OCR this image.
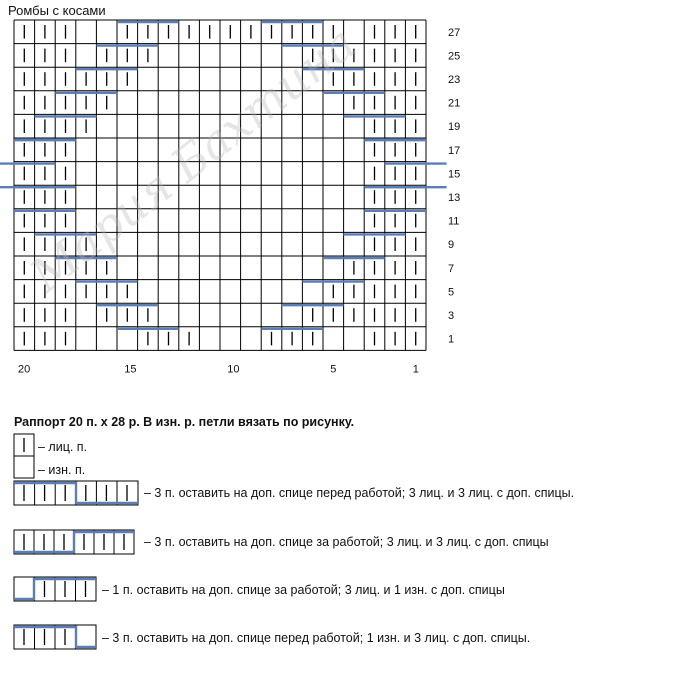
Ромбы с косами
27
25
23
21
19
17
15
13
11
9
7
5
3
1
20	15	10	5	1
Мария Бахтина
Раппорт 20 п. x 28 р. В изн. р. петли вязать по рисунку.
– лиц. п.
– изн. п.
– 3 п. оставить на доп. спице перед работой; 3 лиц. и 3 лиц. с доп. спицы.
– 3 п. оставить на доп. спице за работой; 3 лиц. и 3 лиц. с доп. спицы
– 1 п. оставить на доп. спице за работой; 3 лиц. и 1 изн. с доп. спицы
– 3 п. оставить на доп. спице перед работой; 1 изн. и 3 лиц. с доп. спицы.
